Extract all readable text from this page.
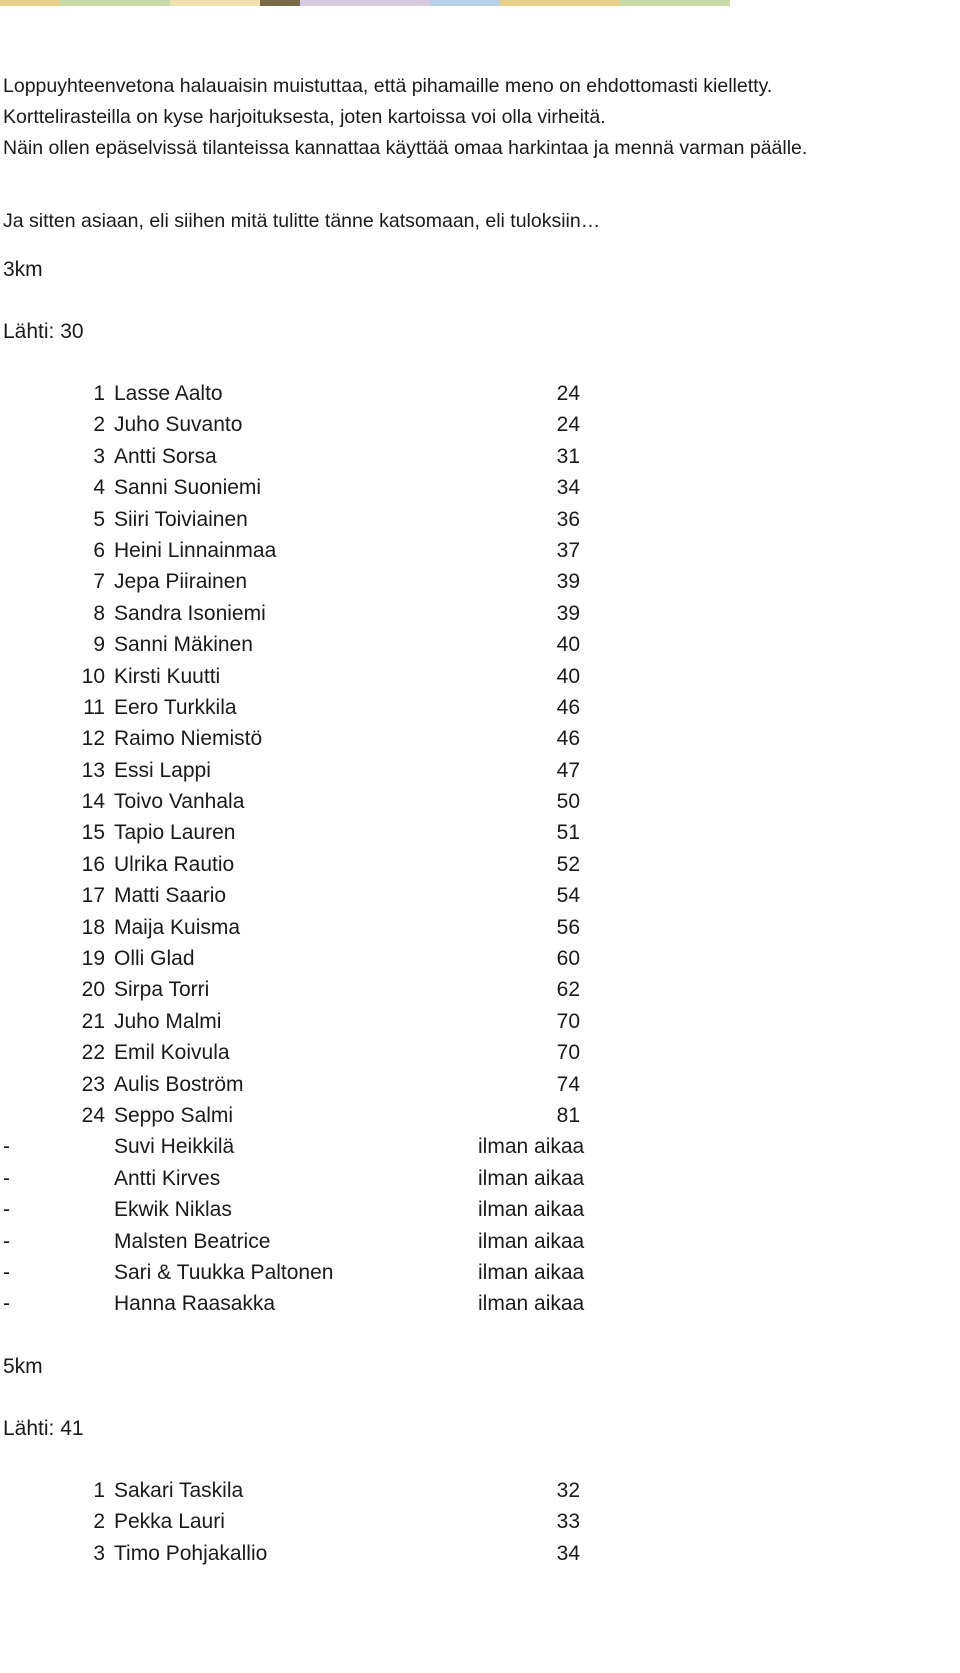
Loppuyhteenvetona halauaisin muistuttaa, että pihamaille meno on ehdottomasti kielletty.
Korttelirasteilla on kyse harjoituksesta, joten kartoissa voi olla virheitä.
Näin ollen epäselvissä tilanteissa kannattaa käyttää omaa harkintaa ja mennä varman päälle.
Ja sitten asiaan, eli siihen mitä tulitte tänne katsomaan, eli tuloksiin…
3km
Lähti: 30
1 Lasse Aalto	24
2 Juho Suvanto	24
3 Antti Sorsa	31
4 Sanni Suoniemi	34
5 Siiri Toiviainen	36
6 Heini Linnainmaa	37
7 Jepa Piirainen	39
8 Sandra Isoniemi	39
9 Sanni Mäkinen	40
10 Kirsti Kuutti	40
11 Eero Turkkila	46
12 Raimo Niemistö	46
13 Essi Lappi	47
14 Toivo Vanhala	50
15 Tapio Lauren	51
16 Ulrika Rautio	52
17 Matti Saario	54
18 Maija Kuisma	56
19 Olli Glad	60
20 Sirpa Torri	62
21 Juho Malmi	70
22 Emil Koivula	70
23 Aulis Boström	74
24 Seppo Salmi	81
-	Suvi Heikkilä	ilman aikaa
-	Antti Kirves	ilman aikaa
-	Ekwik Niklas	ilman aikaa
-	Malsten Beatrice	ilman aikaa
-	Sari & Tuukka Paltonen	ilman aikaa
-	Hanna Raasakka	ilman aikaa
5km
Lähti: 41
1 Sakari Taskila	32
2 Pekka Lauri	33
3 Timo Pohjakallio	34
